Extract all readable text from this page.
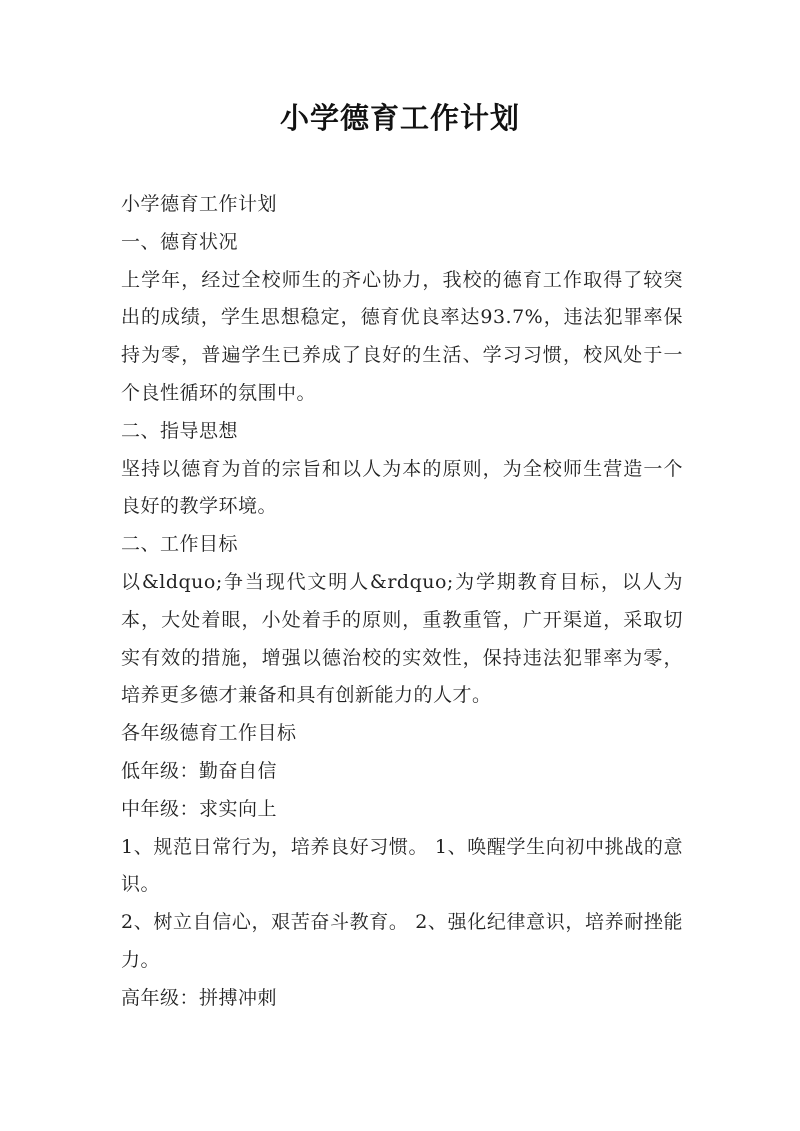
小学德育工作计划

小学德育工作计划

一、德育状况

上学年，经过全校师生的齐心协力，我校的德育工作取得了较突出的成绩，学生思想稳定，德育优良率达93.7%，违法犯罪率保持为零，普遍学生已养成了良好的生活、学习习惯，校风处于一个良性循环的氛围中。

二、指导思想

坚持以德育为首的宗旨和以人为本的原则，为全校师生营造一个良好的教学环境。

二、工作目标

以&ldquo;争当现代文明人&rdquo;为学期教育目标，以人为本，大处着眼，小处着手的原则，重教重管，广开渠道，采取切实有效的措施，增强以德治校的实效性，保持违法犯罪率为零，培养更多德才兼备和具有创新能力的人才。

各年级德育工作目标

低年级：勤奋自信

中年级：求实向上

1、规范日常行为，培养良好习惯。 1、唤醒学生向初中挑战的意识。

2、树立自信心，艰苦奋斗教育。 2、强化纪律意识，培养耐挫能力。

高年级：拼搏冲刺
